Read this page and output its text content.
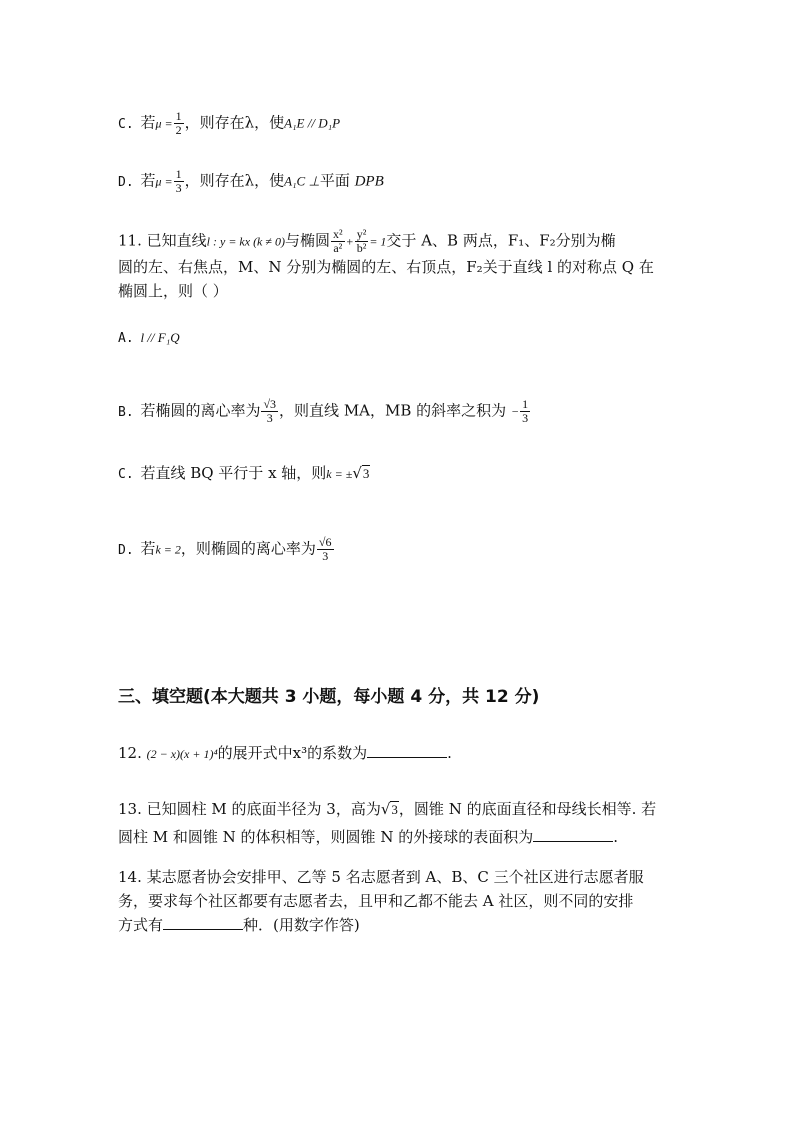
C. 若$\mu = \frac{1}{2}$ ，则存在λ，使A₁E // D₁P
D. 若$\mu = \frac{1}{3}$ ，则存在λ，使A₁C ⊥平面 DPB
11. 已知直线l : y = kx (k ≠ 0)与椭圆 $\frac{\text{x²}}{\text{a²}} + \frac{\text{y²}}{\text{b²}} = 1$交于 A、B 两点，F₁、F₂分别为椭
圆的左、右焦点，M、N 分别为椭圆的左、右顶点，F₂关于直线 l 的对称点 Q 在
椭圆上，则（ ）
A. l // F₁Q
B. 若椭圆的离心率为 $\frac{√3}{3}$ ，则直线 MA，MB 的斜率之积为 − $\frac{1}{3}$
C. 若直线 BQ 平行于 x 轴，则k = ±√3
D. 若k = 2，则椭圆的离心率为 $\frac{√6}{3}$
三、填空题(本大题共 3 小题，每小题 4 分，共 12 分)
12. (2 − x)(x + 1)⁴的展开式中x³的系数为	.
13. 已知圆柱 M 的底面半径为 3，高为√3，圆锥 N 的底面直径和母线长相等. 若
圆柱 M 和圆锥 N 的体积相等，则圆锥 N 的外接球的表面积为	.
14. 某志愿者协会安排甲、乙等 5 名志愿者到 A、B、C 三个社区进行志愿者服
务，要求每个社区都要有志愿者去，且甲和乙都不能去 A 社区，则不同的安排
方式有	种．(用数字作答)
